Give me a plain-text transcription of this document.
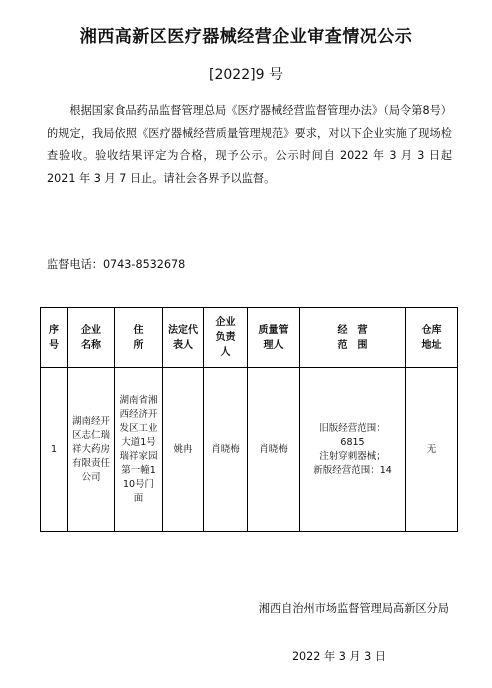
湘西高新区医疗器械经营企业审查情况公示
[2022]9 号

根据国家食品药品监督管理总局《医疗器械经营监督管理办法》（局令第8号）的规定，我局依照《医疗器械经营质量管理规范》要求，对以下企业实施了现场检查验收。验收结果评定为合格，现予公示。公示时间自 2022 年 3 月 3 日起 2021 年 3 月 7 日止。请社会各界予以监督。

监督电话：0743-8532678
序号	企业名称	住所	法定代表人	企业负责人	质量管理人	经　营　范　围	仓库地址
1	湖南经开区志仁瑞祥大药房有限责任公司	湖南省湘西经济开发区工业大道1号瑞祥家园第一幢110号门面	姚冉	肖晓梅	肖晓梅	旧版经营范围：
6815
注射穿刺器械；
新版经营范围：14	无
湘西自治州市场监督管理局高新区分局
2022 年 3 月 3 日
